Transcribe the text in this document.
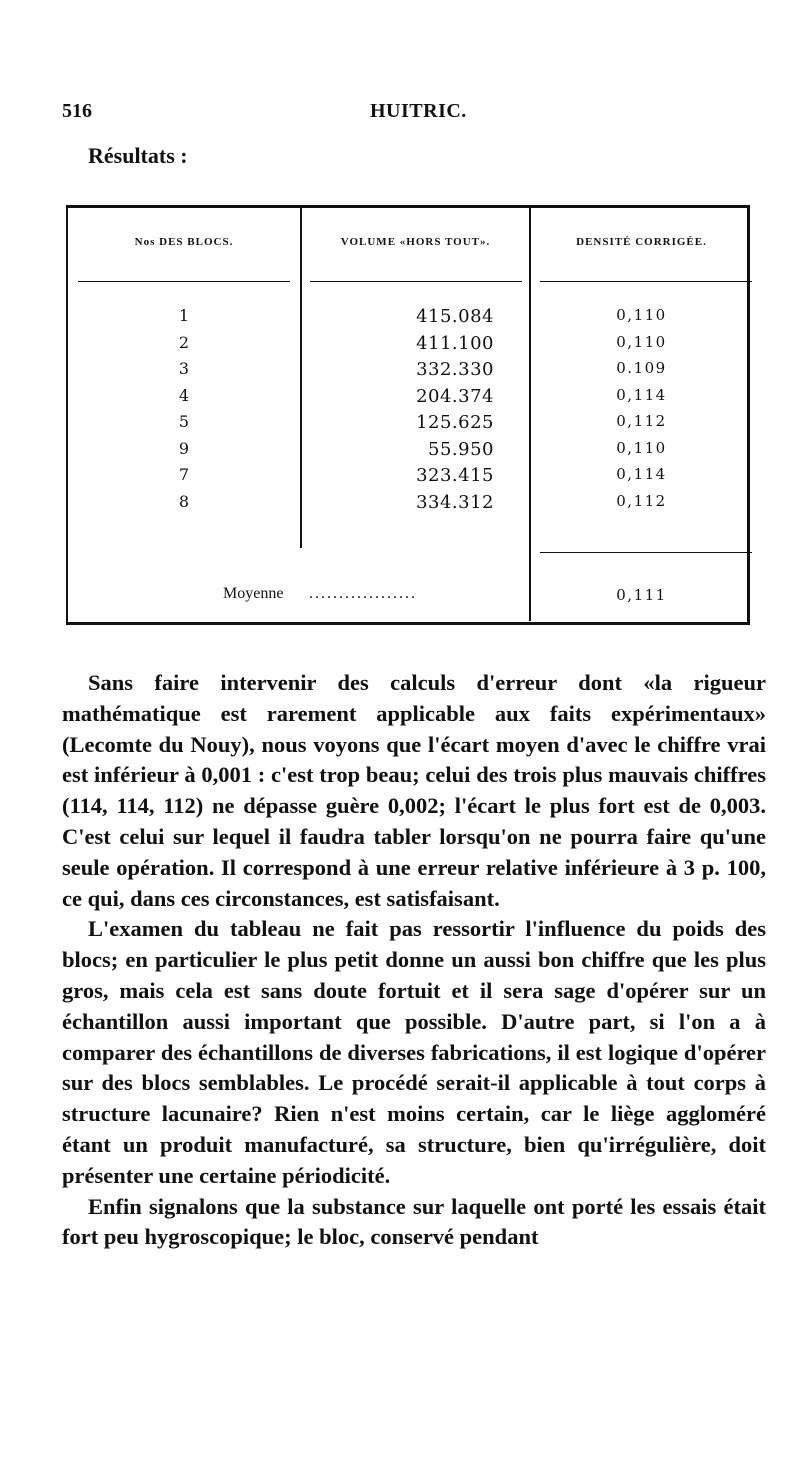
516	HUITRIC.
Résultats :
Nos DES BLOCS.	VOLUME «HORS TOUT».	DENSITÉ CORRIGÉE.
1	415.084	0,110
2	411.100	0,110
3	332.330	0.109
4	204.374	0,114
5	125.625	0,112
9	55.950	0,110
7	323.415	0,114
8	334.312	0,112
Moyenne ..................	0,111

Sans faire intervenir des calculs d'erreur dont «la rigueur mathématique est rarement applicable aux faits expérimentaux» (Lecomte du Nouy), nous voyons que l'écart moyen d'avec le chiffre vrai est inférieur à 0,001 : c'est trop beau; celui des trois plus mauvais chiffres (114, 114, 112) ne dépasse guère 0,002; l'écart le plus fort est de 0,003. C'est celui sur lequel il faudra tabler lorsqu'on ne pourra faire qu'une seule opération. Il correspond à une erreur relative inférieure à 3 p. 100, ce qui, dans ces circonstances, est satisfaisant.

L'examen du tableau ne fait pas ressortir l'influence du poids des blocs; en particulier le plus petit donne un aussi bon chiffre que les plus gros, mais cela est sans doute fortuit et il sera sage d'opérer sur un échantillon aussi important que possible. D'autre part, si l'on a à comparer des échantillons de diverses fabrications, il est logique d'opérer sur des blocs semblables. Le procédé serait-il applicable à tout corps à structure lacunaire? Rien n'est moins certain, car le liège aggloméré étant un produit manufacturé, sa structure, bien qu'irrégulière, doit présenter une certaine périodicité.

Enfin signalons que la substance sur laquelle ont porté les essais était fort peu hygroscopique; le bloc, conservé pendant
